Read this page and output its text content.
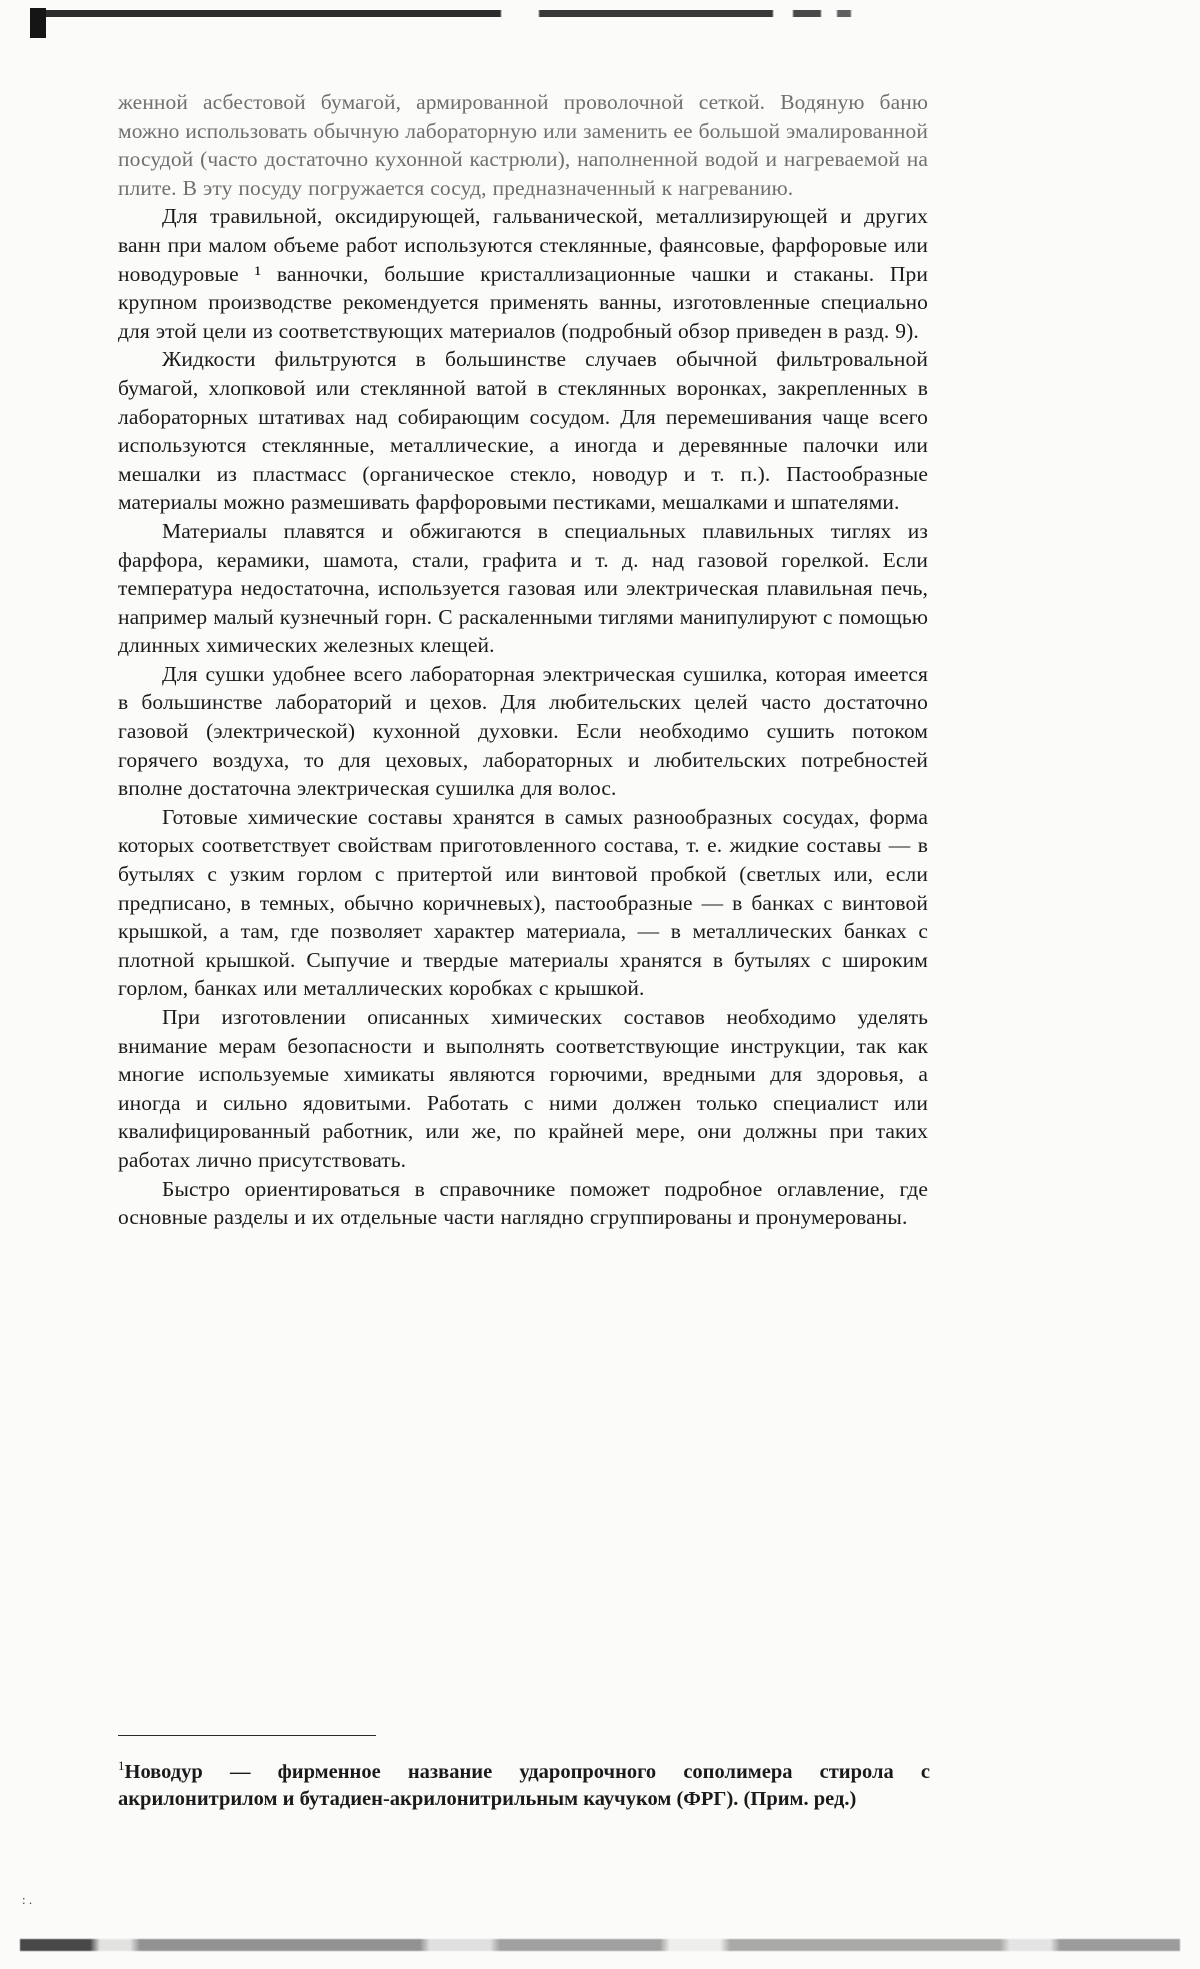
женной асбестовой бумагой, армированной проволочной сеткой. Водяную баню можно использовать обычную лабораторную или заменить ее большой эмалированной посудой (часто достаточно кухонной кастрюли), наполненной водой и нагреваемой на плите. В эту посуду погружается сосуд, предназначенный к нагреванию.

Для травильной, оксидирующей, гальванической, металлизирующей и других ванн при малом объеме работ используются стеклянные, фаянсовые, фарфоровые или новодуровые ¹ ванночки, большие кристаллизационные чашки и стаканы. При крупном производстве рекомендуется применять ванны, изготовленные специально для этой цели из соответствующих материалов (подробный обзор приведен в разд. 9).

Жидкости фильтруются в большинстве случаев обычной фильтровальной бумагой, хлопковой или стеклянной ватой в стеклянных воронках, закрепленных в лабораторных штативах над собирающим сосудом. Для перемешивания чаще всего используются стеклянные, металлические, а иногда и деревянные палочки или мешалки из пластмасс (органическое стекло, новодур и т. п.). Пастообразные материалы можно размешивать фарфоровыми пестиками, мешалками и шпателями.

Материалы плавятся и обжигаются в специальных плавильных тиглях из фарфора, керамики, шамота, стали, графита и т. д. над газовой горелкой. Если температура недостаточна, используется газовая или электрическая плавильная печь, например малый кузнечный горн. С раскаленными тиглями манипулируют с помощью длинных химических железных клещей.

Для сушки удобнее всего лабораторная электрическая сушилка, которая имеется в большинстве лабораторий и цехов. Для любительских целей часто достаточно газовой (электрической) кухонной духовки. Если необходимо сушить потоком горячего воздуха, то для цеховых, лабораторных и любительских потребностей вполне достаточна электрическая сушилка для волос.

Готовые химические составы хранятся в самых разнообразных сосудах, форма которых соответствует свойствам приготовленного состава, т. е. жидкие составы — в бутылях с узким горлом с притертой или винтовой пробкой (светлых или, если предписано, в темных, обычно коричневых), пастообразные — в банках с винтовой крышкой, а там, где позволяет характер материала, — в металлических банках с плотной крышкой. Сыпучие и твердые материалы хранятся в бутылях с широким горлом, банках или металлических коробках с крышкой.

При изготовлении описанных химических составов необходимо уделять внимание мерам безопасности и выполнять соответствующие инструкции, так как многие используемые химикаты являются горючими, вредными для здоровья, а иногда и сильно ядовитыми. Работать с ними должен только специалист или квалифицированный работник, или же, по крайней мере, они должны при таких работах лично присутствовать.

Быстро ориентироваться в справочнике поможет подробное оглавление, где основные разделы и их отдельные части наглядно сгруппированы и пронумерованы.

$^1$Новодур — фирменное название ударопрочного сополимера стирола с акрилонитрилом и бутадиен-акрилонитрильным каучуком (ФРГ). (Прим. ред.)
: .
